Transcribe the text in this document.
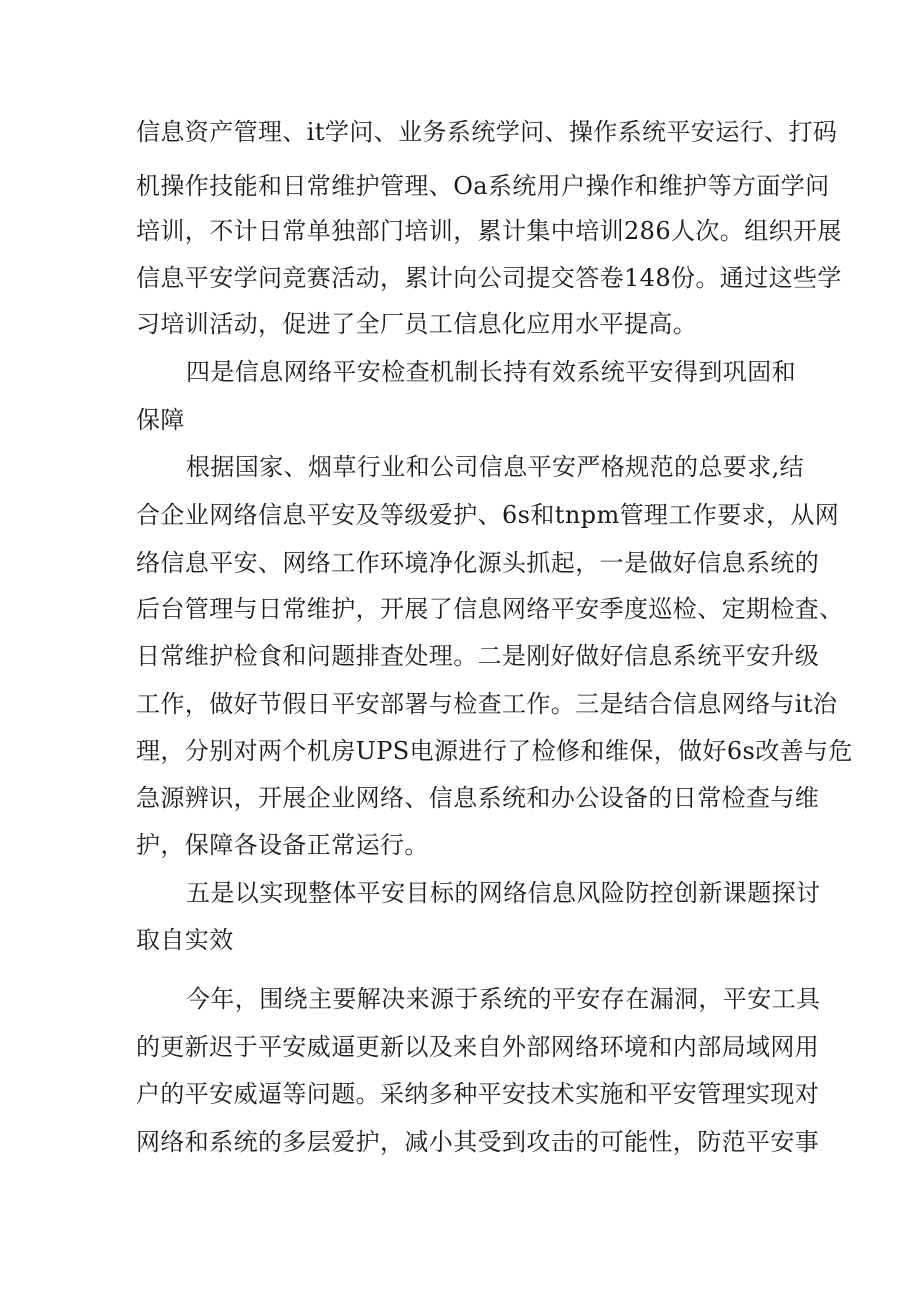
信息资产管理、it学问、业务系统学问、操作系统平安运行、打码
机操作技能和日常维护管理、Oa系统用户操作和维护等方面学问
培训，不计日常单独部门培训，累计集中培训286人次。组织开展
信息平安学问竞赛活动，累计向公司提交答卷148份。通过这些学
习培训活动，促进了全厂员工信息化应用水平提高。
四是信息网络平安检查机制长持有效系统平安得到巩固和
保障
根据国家、烟草行业和公司信息平安严格规范的总要求,结
合企业网络信息平安及等级爱护、6s和tnpm管理工作要求，从网
络信息平安、网络工作环境净化源头抓起，一是做好信息系统的
后台管理与日常维护，开展了信息网络平安季度巡检、定期检査、
日常维护检食和问题排査处理。二是刚好做好信息系统平安升级
工作，做好节假日平安部署与检查工作。三是结合信息网络与it治
理，分别对两个机房UPS电源进行了检修和维保，做好6s改善与危
急源辨识，开展企业网络、信息系统和办公设备的日常检查与维
护，保障各设备正常运行。
五是以实现整体平安目标的网络信息风险防控创新课题探讨
取自实效
今年，围绕主要解决来源于系统的平安存在漏洞，平安工具
的更新迟于平安威逼更新以及来自外部网络环境和内部局域网用
户的平安威逼等问题。采纳多种平安技术实施和平安管理实现对
网络和系统的多层爱护，减小其受到攻击的可能性，防范平安事
